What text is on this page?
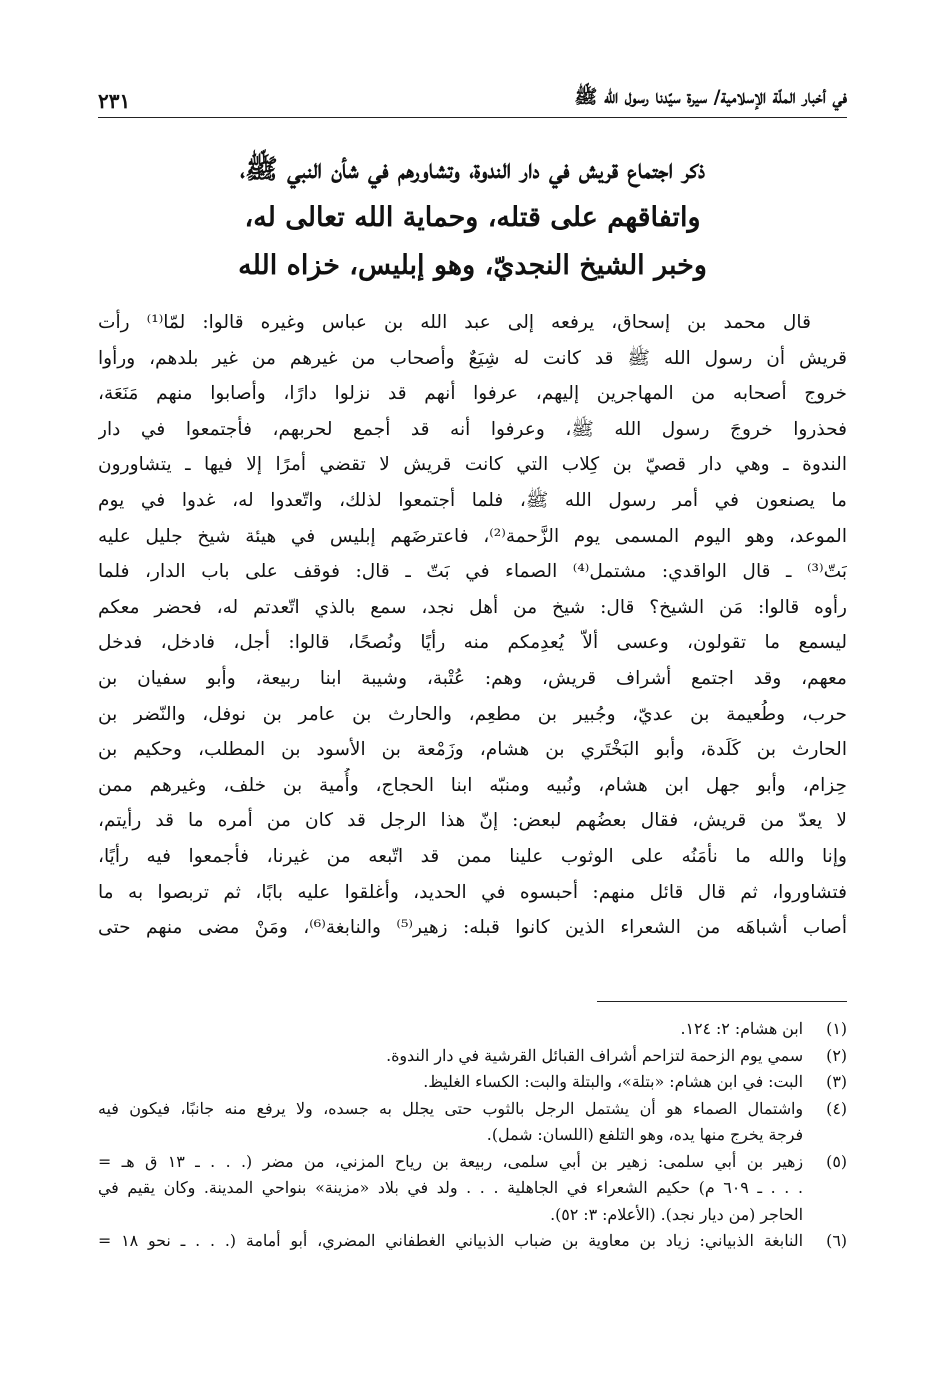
في أخبار الملّة الإسلامية/ سيرة سيّدنا رسول الله ﷺ
٢٣١
ذكر اجتماع قريش في دار الندوة، وتشاورهم في شأن النبي ﷺ،
واتفاقهم على قتله، وحماية الله تعالى له،
وخبر الشيخ النجديّ، وهو إبليس، خزاه الله
قال محمد بن إسحاق، يرفعه إلى عبد الله بن عباس وغيره قالوا: لمّا⁽¹⁾ رأت
قريش أن رسول الله ﷺ قد كانت له شِيَعٌ وأصحاب من غيرهم من غير بلدهم، ورأوا
خروج أصحابه من المهاجرين إليهم، عرفوا أنهم قد نزلوا دارًا، وأصابوا منهم مَنَعَة،
فحذروا خروجَ رسول الله ﷺ، وعرفوا أنه قد أجمع لحربهم، فأجتمعوا في دار
الندوة ـ وهي دار قصيّ بن كِلاب التي كانت قريش لا تقضي أمرًا إلا فيها ـ يتشاورون
ما يصنعون في أمر رسول الله ﷺ، فلما أجتمعوا لذلك، واتّعدوا له، غدوا في يوم
الموعد، وهو اليوم المسمى يوم الزَّحمة⁽²⁾، فاعترضَهم إبليس في هيئة شيخ جليل عليه
بَتّ⁽³⁾ ـ قال الواقدي: مشتمل⁽⁴⁾ الصماء في بَتّ ـ قال: فوقف على باب الدار، فلما
رأوه قالوا: مَن الشيخ؟ قال: شيخ من أهل نجد، سمع بالذي اتّعدتم له، فحضر معكم
ليسمع ما تقولون، وعسى ألاّ يُعدِمكم منه رأيًا ونُصحًا، قالوا: أجل، فادخل، فدخل
معهم، وقد اجتمع أشراف قريش، وهم: عُتْبة، وشيبة ابنا ربيعة، وأبو سفيان بن
حرب، وطُعيمة بن عديّ، وجُبير بن مطعِم، والحارث بن عامر بن نوفل، والنّضر بن
الحارث بن كَلَدة، وأبو البَخْتَري بن هشام، وزَمْعة بن الأسود بن المطلب، وحكيم بن
حِزام، وأبو جهل ابن هشام، ونُبيه ومنبّه ابنا الحجاج، وأُمية بن خلف، وغيرهم ممن
لا يعدّ من قريش، فقال بعضُهم لبعض: إنّ هذا الرجل قد كان من أمره ما قد رأيتم،
وإنا والله ما نأمَنُه على الوثوب علينا ممن قد اتّبعه من غيرنا، فأجمعوا فيه رأيًا،
فتشاوروا، ثم قال قائل منهم: أحبسوه في الحديد، وأغلقوا عليه بابًا، ثم تربصوا به ما
أصاب أشباهَه من الشعراء الذين كانوا قبله: زهير⁽⁵⁾ والنابغة⁽⁶⁾، ومَنْ مضى منهم حتى
(١)
ابن هشام: ٢: ١٢٤.
(٢)
سمي يوم الزحمة لتزاحم أشراف القبائل القرشية في دار الندوة.
(٣)
البت: في ابن هشام: «بتلة»، والبتلة والبت: الكساء الغليظ.
(٤)
واشتمال الصماء هو أن يشتمل الرجل بالثوب حتى يجلل به جسده، ولا يرفع منه جانبًا، فيكون فيه
فرجة يخرج منها يده، وهو التلفع (اللسان: شمل).
(٥)
زهير بن أبي سلمى: زهير بن أبي سلمى، ربيعة بن رياح المزني، من مضر (. . . ـ ١٣ ق هـ =
. . . ـ ٦٠٩ م) حكيم الشعراء في الجاهلية . . . ولد في بلاد «مزينة» بنواحي المدينة. وكان يقيم في
الحاجر (من ديار نجد). (الأعلام: ٣: ٥٢).
(٦)
النابغة الذبياني: زياد بن معاوية بن ضباب الذبياني الغطفاني المضري، أبو أمامة (. . . ـ نحو ١٨ =
